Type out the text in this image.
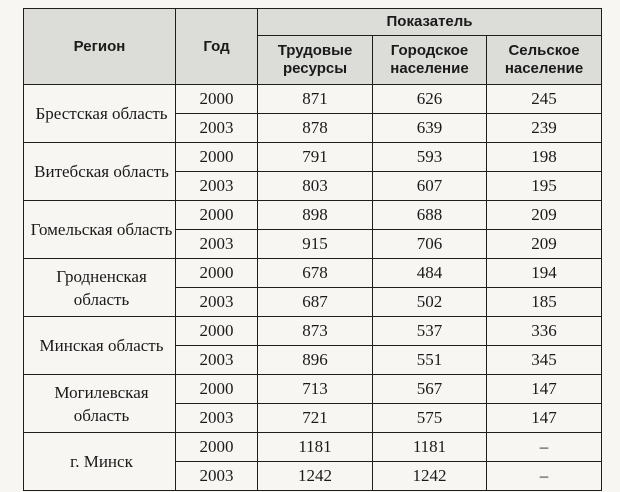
Регион	Год	Показатель		
		Трудовые ресурсы	Городское население	Сельское население
Брестская область	2000	871	626	245
	2003	878	639	239
Витебская область	2000	791	593	198
	2003	803	607	195
Гомельская область	2000	898	688	209
	2003	915	706	209
Гродненская область	2000	678	484	194
	2003	687	502	185
Минская область	2000	873	537	336
	2003	896	551	345
Могилевская область	2000	713	567	147
	2003	721	575	147
г. Минск	2000	1181	1181	–
	2003	1242	1242	–
